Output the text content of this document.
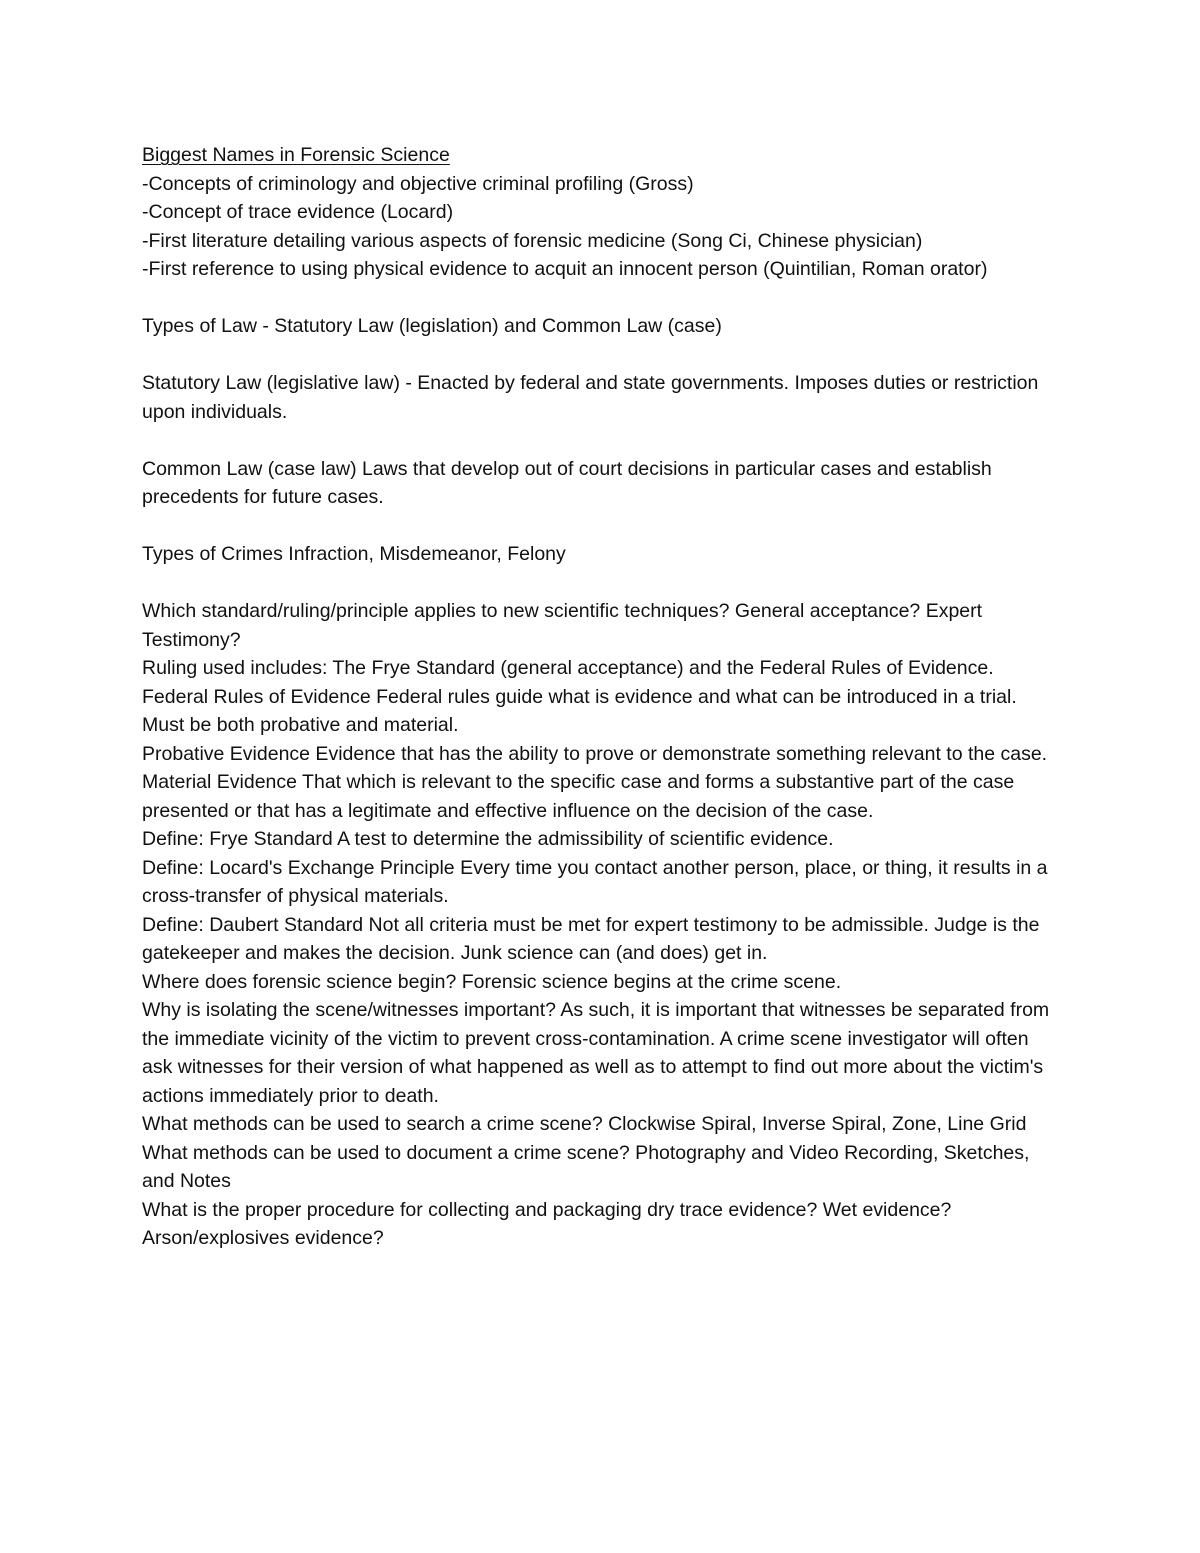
Biggest Names in Forensic Science
-Concepts of criminology and objective criminal profiling (Gross)
-Concept of trace evidence (Locard)
-First literature detailing various aspects of forensic medicine (Song Ci, Chinese physician)
-First reference to using physical evidence to acquit an innocent person (Quintilian, Roman orator)
Types of Law - Statutory Law (legislation) and Common Law (case)
Statutory Law (legislative law) - Enacted by federal and state governments. Imposes duties or restriction upon individuals.
Common Law (case law) Laws that develop out of court decisions in particular cases and establish precedents for future cases.
Types of Crimes Infraction, Misdemeanor, Felony
Which standard/ruling/principle applies to new scientific techniques? General acceptance? Expert Testimony?
Ruling used includes: The Frye Standard (general acceptance) and the Federal Rules of Evidence.
Federal Rules of Evidence Federal rules guide what is evidence and what can be introduced in a trial. Must be both probative and material.
Probative Evidence Evidence that has the ability to prove or demonstrate something relevant to the case.
Material Evidence That which is relevant to the specific case and forms a substantive part of the case presented or that has a legitimate and effective influence on the decision of the case.
Define: Frye Standard A test to determine the admissibility of scientific evidence.
Define: Locard's Exchange Principle Every time you contact another person, place, or thing, it results in a cross-transfer of physical materials.
Define: Daubert Standard Not all criteria must be met for expert testimony to be admissible. Judge is the gatekeeper and makes the decision. Junk science can (and does) get in.
Where does forensic science begin? Forensic science begins at the crime scene.
Why is isolating the scene/witnesses important? As such, it is important that witnesses be separated from the immediate vicinity of the victim to prevent cross-contamination. A crime scene investigator will often ask witnesses for their version of what happened as well as to attempt to find out more about the victim's actions immediately prior to death.
What methods can be used to search a crime scene? Clockwise Spiral, Inverse Spiral, Zone, Line Grid
What methods can be used to document a crime scene? Photography and Video Recording, Sketches, and Notes
What is the proper procedure for collecting and packaging dry trace evidence? Wet evidence? Arson/explosives evidence?
